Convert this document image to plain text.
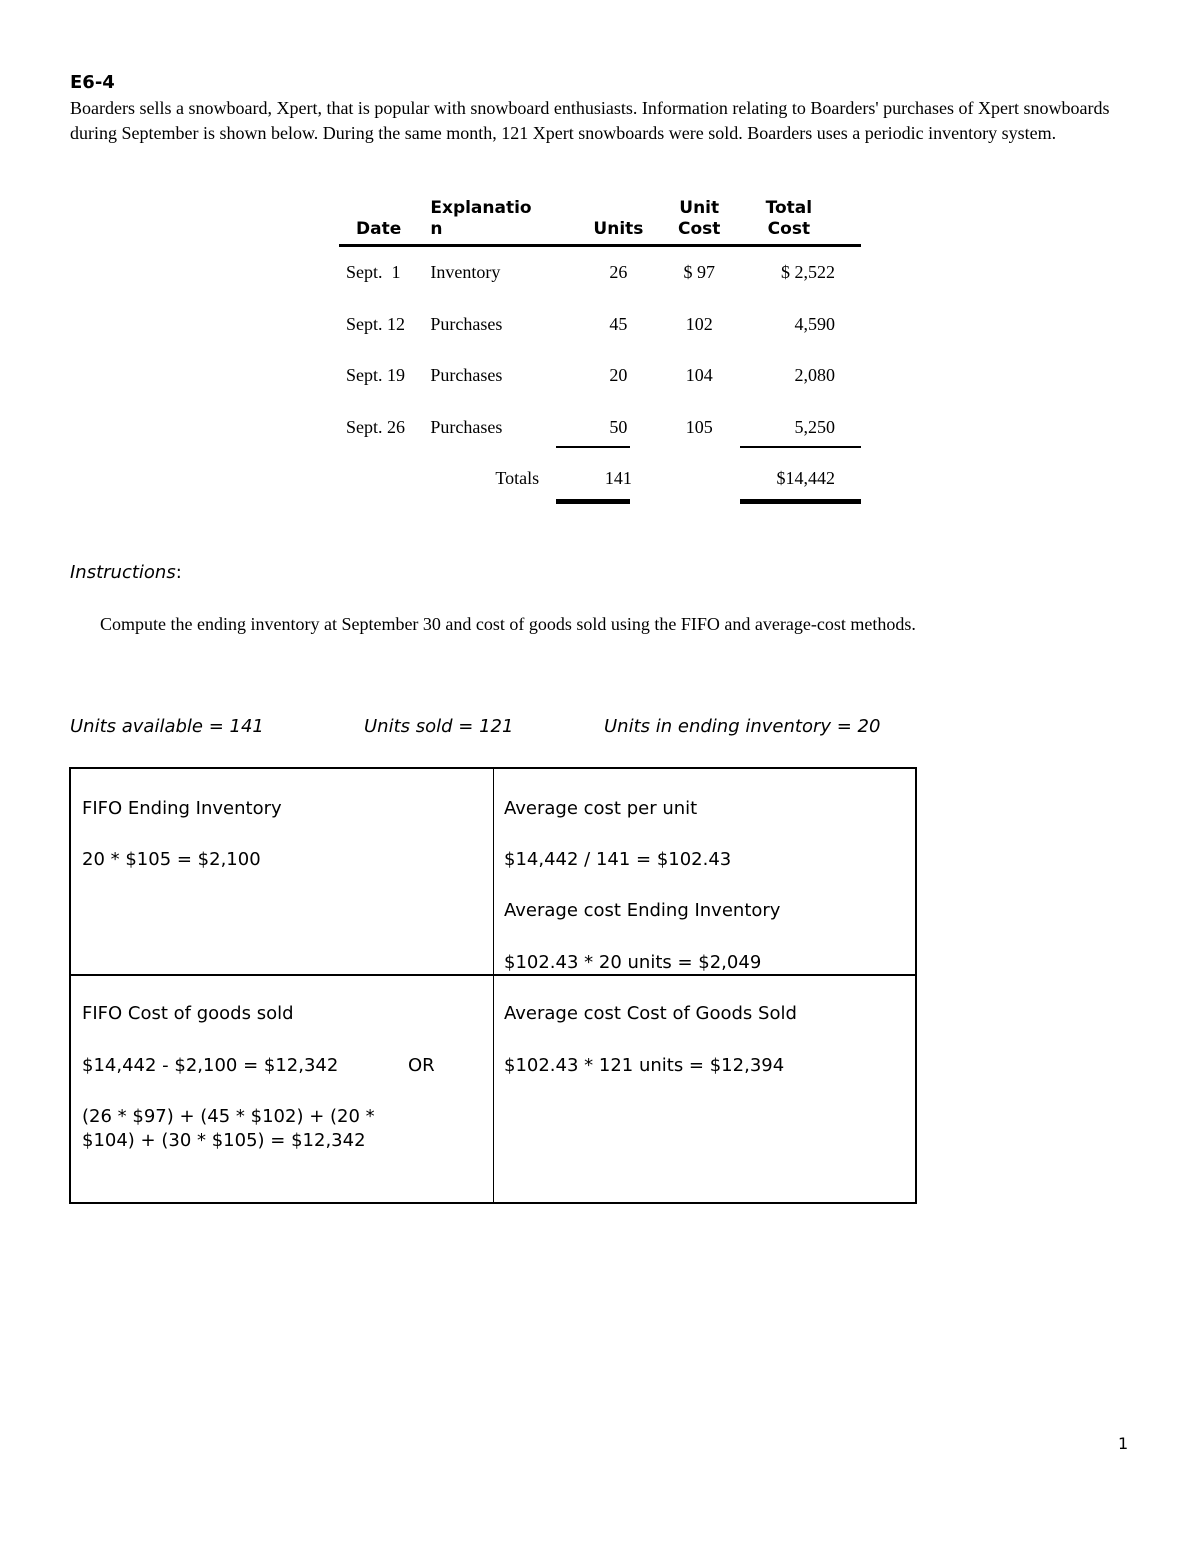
E6-4
Boarders sells a snowboard, Xpert, that is popular with snowboard enthusiasts. Information relating to Boarders' purchases of Xpert snowboards during September is shown below. During the same month, 121 Xpert snowboards were sold. Boarders uses a periodic inventory system.
Date	Explanatio
n	Units	Unit Cost	Total Cost
Sept.  1	Inventory	26	$ 97	$ 2,522
Sept. 12	Purchases	45	102	4,590
Sept. 19	Purchases	20	104	2,080
Sept. 26	Purchases	50	105	5,250
	Totals	141		$14,442
Instructions:
Compute the ending inventory at September 30 and cost of goods sold using the FIFO and average-cost methods.
Units available = 141	Units sold = 121	Units in ending inventory = 20

FIFO Ending Inventory

20 * $105 = $2,100

Average cost per unit

$14,442 / 141 = $102.43

Average cost Ending Inventory

$102.43 * 20 units = $2,049

FIFO Cost of goods sold

$14,442 - $2,100 = $12,342	OR

(26 * $97) + (45 * $102) + (20 *

$104) + (30 * $105) = $12,342

Average cost Cost of Goods Sold

$102.43 * 121 units = $12,394

1
